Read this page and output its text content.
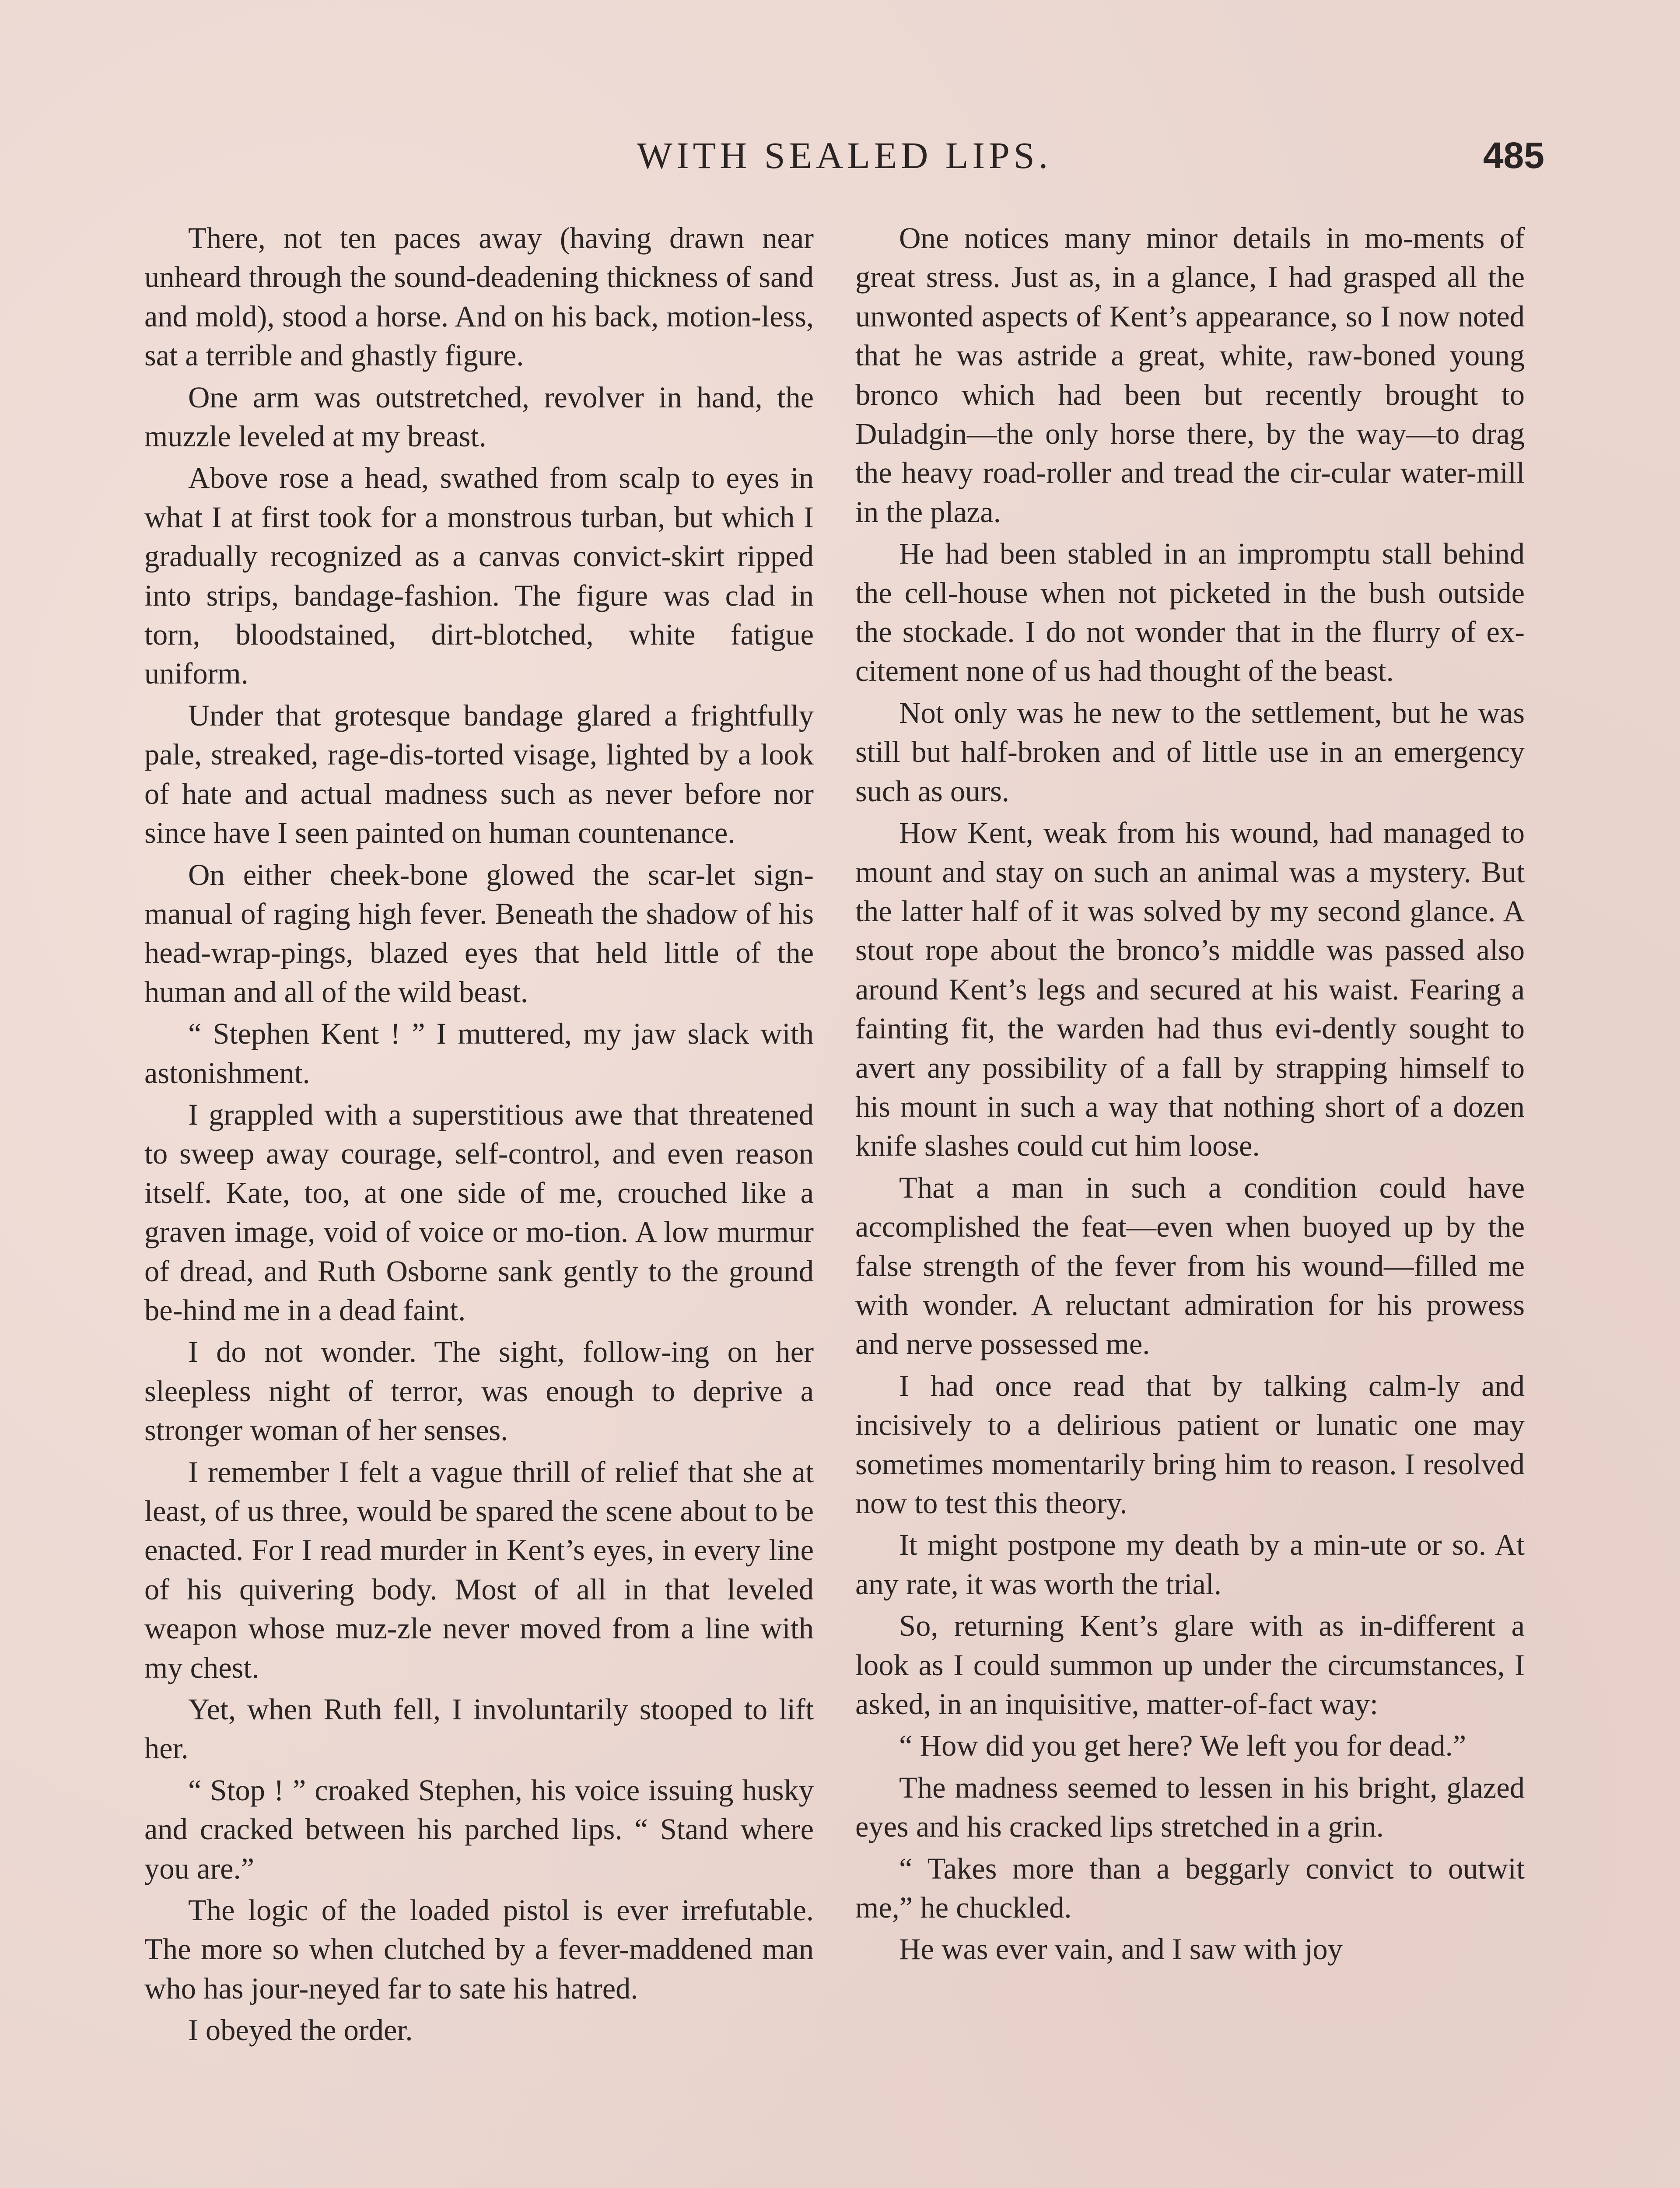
WITH SEALED LIPS.	485

There, not ten paces away (having drawn near unheard through the sound-deadening thickness of sand and mold), stood a horse. And on his back, motion-less, sat a terrible and ghastly figure.

One arm was outstretched, revolver in hand, the muzzle leveled at my breast.

Above rose a head, swathed from scalp to eyes in what I at first took for a monstrous turban, but which I gradually recognized as a canvas convict-skirt ripped into strips, bandage-fashion. The figure was clad in torn, bloodstained, dirt-blotched, white fatigue uniform.

Under that grotesque bandage glared a frightfully pale, streaked, rage-dis-torted visage, lighted by a look of hate and actual madness such as never before nor since have I seen painted on human countenance.

On either cheek-bone glowed the scar-let sign-manual of raging high fever. Beneath the shadow of his head-wrap-pings, blazed eyes that held little of the human and all of the wild beast.

“ Stephen Kent ! ” I muttered, my jaw slack with astonishment.

I grappled with a superstitious awe that threatened to sweep away courage, self-control, and even reason itself. Kate, too, at one side of me, crouched like a graven image, void of voice or mo-tion. A low murmur of dread, and Ruth Osborne sank gently to the ground be-hind me in a dead faint.

I do not wonder. The sight, follow-ing on her sleepless night of terror, was enough to deprive a stronger woman of her senses.

I remember I felt a vague thrill of relief that she at least, of us three, would be spared the scene about to be enacted. For I read murder in Kent’s eyes, in every line of his quivering body. Most of all in that leveled weapon whose muz-zle never moved from a line with my chest.

Yet, when Ruth fell, I involuntarily stooped to lift her.

“ Stop ! ” croaked Stephen, his voice issuing husky and cracked between his parched lips. “ Stand where you are.”

The logic of the loaded pistol is ever irrefutable. The more so when clutched by a fever-maddened man who has jour-neyed far to sate his hatred.

I obeyed the order.

One notices many minor details in mo-ments of great stress. Just as, in a glance, I had grasped all the unwonted aspects of Kent’s appearance, so I now noted that he was astride a great, white, raw-boned young bronco which had been but recently brought to Duladgin—the only horse there, by the way—to drag the heavy road-roller and tread the cir-cular water-mill in the plaza.

He had been stabled in an impromptu stall behind the cell-house when not picketed in the bush outside the stockade. I do not wonder that in the flurry of ex-citement none of us had thought of the beast.

Not only was he new to the settlement, but he was still but half-broken and of little use in an emergency such as ours.

How Kent, weak from his wound, had managed to mount and stay on such an animal was a mystery. But the latter half of it was solved by my second glance. A stout rope about the bronco’s middle was passed also around Kent’s legs and secured at his waist. Fearing a fainting fit, the warden had thus evi-dently sought to avert any possibility of a fall by strapping himself to his mount in such a way that nothing short of a dozen knife slashes could cut him loose.

That a man in such a condition could have accomplished the feat—even when buoyed up by the false strength of the fever from his wound—filled me with wonder. A reluctant admiration for his prowess and nerve possessed me.

I had once read that by talking calm-ly and incisively to a delirious patient or lunatic one may sometimes momentarily bring him to reason. I resolved now to test this theory.

It might postpone my death by a min-ute or so. At any rate, it was worth the trial.

So, returning Kent’s glare with as in-different a look as I could summon up under the circumstances, I asked, in an inquisitive, matter-of-fact way:

“ How did you get here? We left you for dead.”

The madness seemed to lessen in his bright, glazed eyes and his cracked lips stretched in a grin.

“ Takes more than a beggarly convict to outwit me,” he chuckled.

He was ever vain, and I saw with joy
